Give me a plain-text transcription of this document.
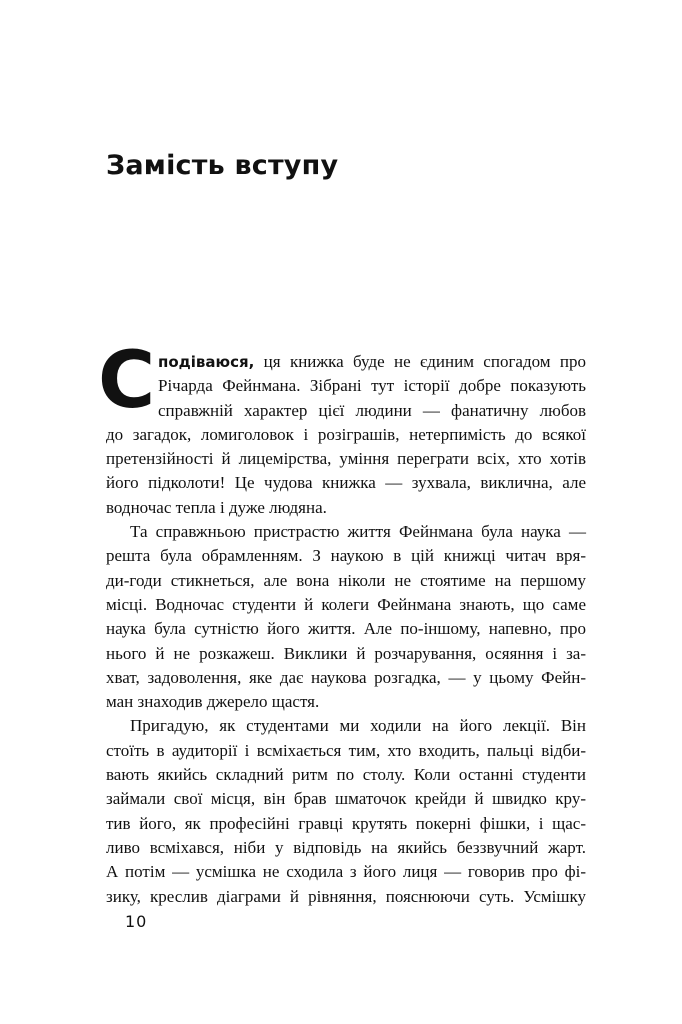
Замість вступу
С подіваюся, ця книжка буде не єдиним спогадом про
Річарда Фейнмана. Зібрані тут історії добре показують
справжній характер цієї людини — фанатичну любов
до загадок, ломиголовок і розіграшів, нетерпимість до всякої
претензійності й лицемірства, уміння переграти всіх, хто хотів
його підколоти! Це чудова книжка — зухвала, виклична, але
водночас тепла і дуже людяна.
Та справжньою пристрастю життя Фейнмана була наука —
решта була обрамленням. З наукою в цій книжці читач вря-
ди-годи стикнеться, але вона ніколи не стоятиме на першому
місці. Водночас студенти й колеги Фейнмана знають, що саме
наука була сутністю його життя. Але по-іншому, напевно, про
нього й не розкажеш. Виклики й розчарування, осяяння і за-
хват, задоволення, яке дає наукова розгадка, — у цьому Фейн-
ман знаходив джерело щастя.
Пригадую, як студентами ми ходили на його лекції. Він
стоїть в аудиторії і всміхається тим, хто входить, пальці відби-
вають якийсь складний ритм по столу. Коли останні студенти
займали свої місця, він брав шматочок крейди й швидко кру-
тив його, як професійні гравці крутять покерні фішки, і щас-
ливо всміхався, ніби у відповідь на якийсь беззвучний жарт.
А потім — усмішка не сходила з його лиця — говорив про фі-
зику, креслив діаграми й рівняння, пояснюючи суть. Усмішку
10
